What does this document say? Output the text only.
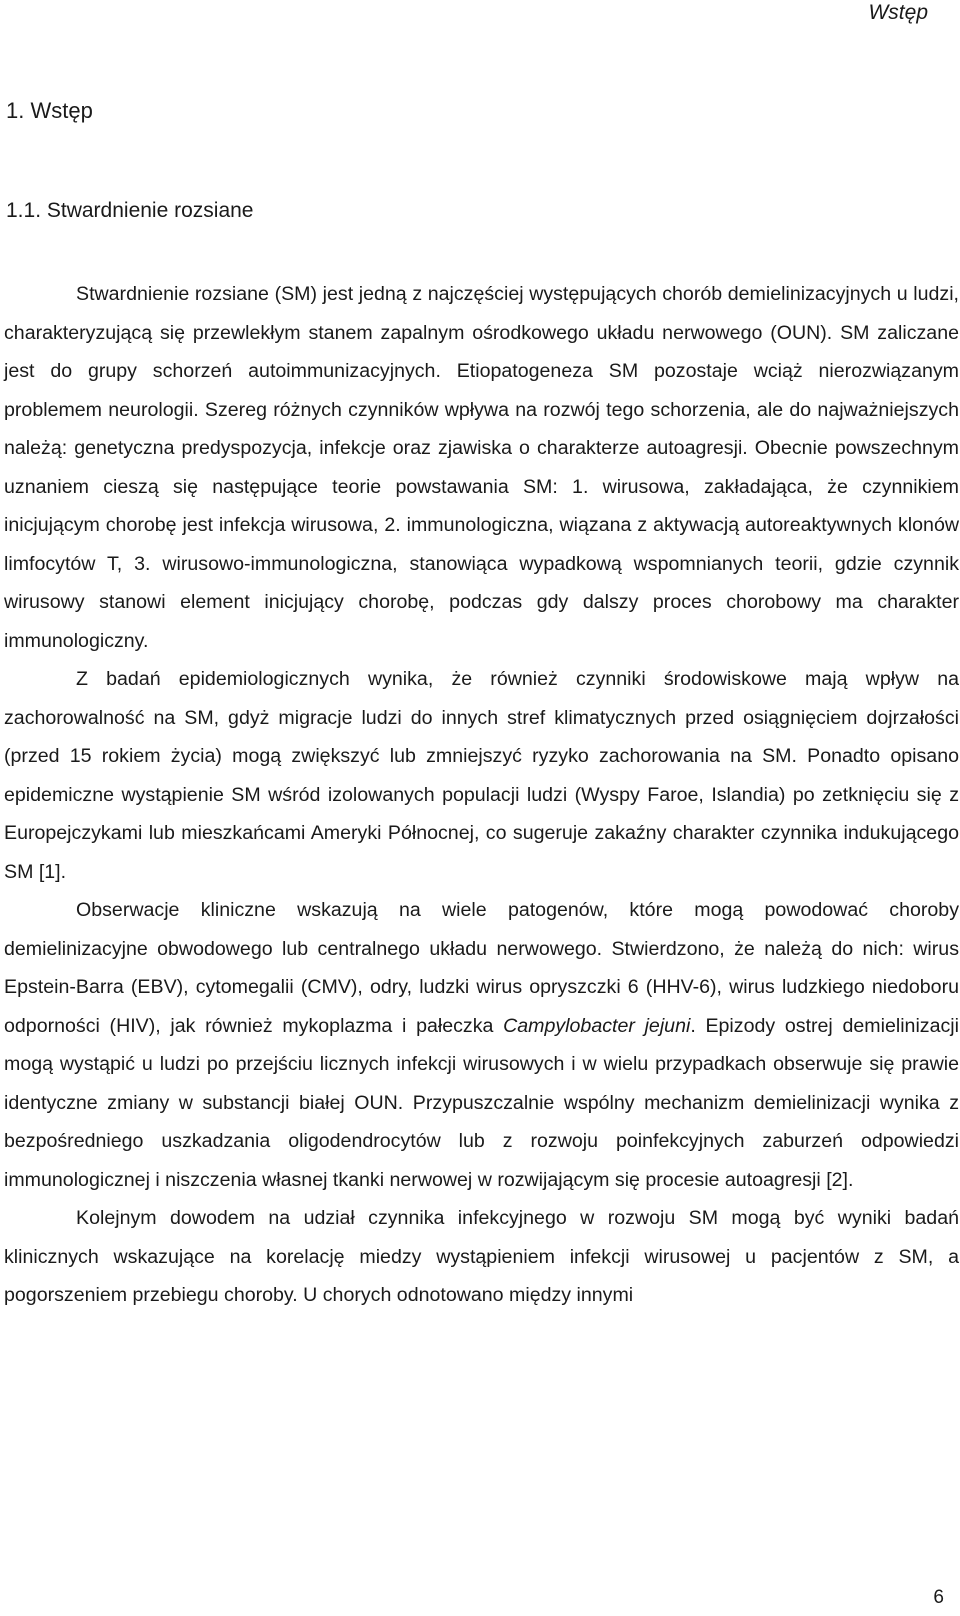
Wstęp
1. Wstęp
1.1. Stwardnienie rozsiane

Stwardnienie rozsiane (SM) jest jedną z najczęściej występujących chorób demielinizacyjnych u ludzi, charakteryzującą się przewlekłym stanem zapalnym ośrodkowego układu nerwowego (OUN). SM zaliczane jest do grupy schorzeń autoimmunizacyjnych. Etiopatogeneza SM pozostaje wciąż nierozwiązanym problemem neurologii. Szereg różnych czynników wpływa na rozwój tego schorzenia, ale do najważniejszych należą: genetyczna predyspozycja, infekcje oraz zjawiska o charakterze autoagresji. Obecnie powszechnym uznaniem cieszą się następujące teorie powstawania SM: 1. wirusowa, zakładająca, że czynnikiem inicjującym chorobę jest infekcja wirusowa, 2. immunologiczna, wiązana z aktywacją autoreaktywnych klonów limfocytów T, 3. wirusowo-immunologiczna, stanowiąca wypadkową wspomnianych teorii, gdzie czynnik wirusowy stanowi element inicjujący chorobę, podczas gdy dalszy proces chorobowy ma charakter immunologiczny.

Z badań epidemiologicznych wynika, że również czynniki środowiskowe mają wpływ na zachorowalność na SM, gdyż migracje ludzi do innych stref klimatycznych przed osiągnięciem dojrzałości (przed 15 rokiem życia) mogą zwiększyć lub zmniejszyć ryzyko zachorowania na SM. Ponadto opisano epidemiczne wystąpienie SM wśród izolowanych populacji ludzi (Wyspy Faroe, Islandia) po zetknięciu się z Europejczykami lub mieszkańcami Ameryki Północnej, co sugeruje zakaźny charakter czynnika indukującego SM [1].

Obserwacje kliniczne wskazują na wiele patogenów, które mogą powodować choroby demielinizacyjne obwodowego lub centralnego układu nerwowego. Stwierdzono, że należą do nich: wirus Epstein-Barra (EBV), cytomegalii (CMV), odry, ludzki wirus opryszczki 6 (HHV-6), wirus ludzkiego niedoboru odporności (HIV), jak również mykoplazma i pałeczka Campylobacter jejuni. Epizody ostrej demielinizacji mogą wystąpić u ludzi po przejściu licznych infekcji wirusowych i w wielu przypadkach obserwuje się prawie identyczne zmiany w substancji białej OUN. Przypuszczalnie wspólny mechanizm demielinizacji wynika z bezpośredniego uszkadzania oligodendrocytów lub z rozwoju poinfekcyjnych zaburzeń odpowiedzi immunologicznej i niszczenia własnej tkanki nerwowej w rozwijającym się procesie autoagresji [2].

Kolejnym dowodem na udział czynnika infekcyjnego w rozwoju SM mogą być wyniki badań klinicznych wskazujące na korelację miedzy wystąpieniem infekcji wirusowej u pacjentów z SM, a pogorszeniem przebiegu choroby. U chorych odnotowano między innymi

6
